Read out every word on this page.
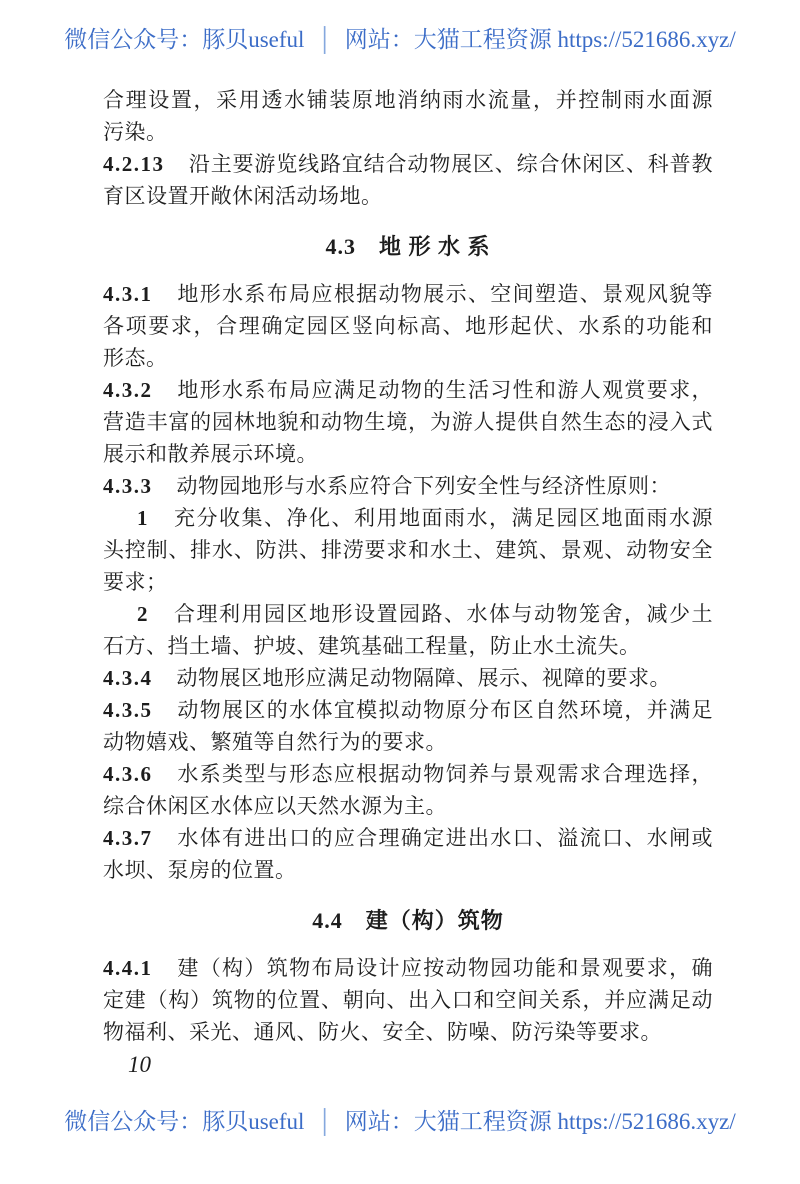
微信公众号：豚贝useful │ 网站：大猫工程资源 https://521686.xyz/
合理设置，采用透水铺装原地消纳雨水流量，并控制雨水面源
污染。
4.2.13 沿主要游览线路宜结合动物展区、综合休闲区、科普教
育区设置开敞休闲活动场地。
4.3　地 形 水 系
4.3.1 地形水系布局应根据动物展示、空间塑造、景观风貌等
各项要求，合理确定园区竖向标高、地形起伏、水系的功能和
形态。
4.3.2 地形水系布局应满足动物的生活习性和游人观赏要求，
营造丰富的园林地貌和动物生境，为游人提供自然生态的浸入式
展示和散养展示环境。
4.3.3 动物园地形与水系应符合下列安全性与经济性原则：
1 充分收集、净化、利用地面雨水，满足园区地面雨水源
头控制、排水、防洪、排涝要求和水土、建筑、景观、动物安全
要求；
2 合理利用园区地形设置园路、水体与动物笼舍，减少土
石方、挡土墙、护坡、建筑基础工程量，防止水土流失。
4.3.4 动物展区地形应满足动物隔障、展示、视障的要求。
4.3.5 动物展区的水体宜模拟动物原分布区自然环境，并满足
动物嬉戏、繁殖等自然行为的要求。
4.3.6 水系类型与形态应根据动物饲养与景观需求合理选择，
综合休闲区水体应以天然水源为主。
4.3.7 水体有进出口的应合理确定进出水口、溢流口、水闸或
水坝、泵房的位置。
4.4　建（构）筑物
4.4.1 建（构）筑物布局设计应按动物园功能和景观要求，确
定建（构）筑物的位置、朝向、出入口和空间关系，并应满足动
物福利、采光、通风、防火、安全、防噪、防污染等要求。
10
微信公众号：豚贝useful │ 网站：大猫工程资源 https://521686.xyz/
